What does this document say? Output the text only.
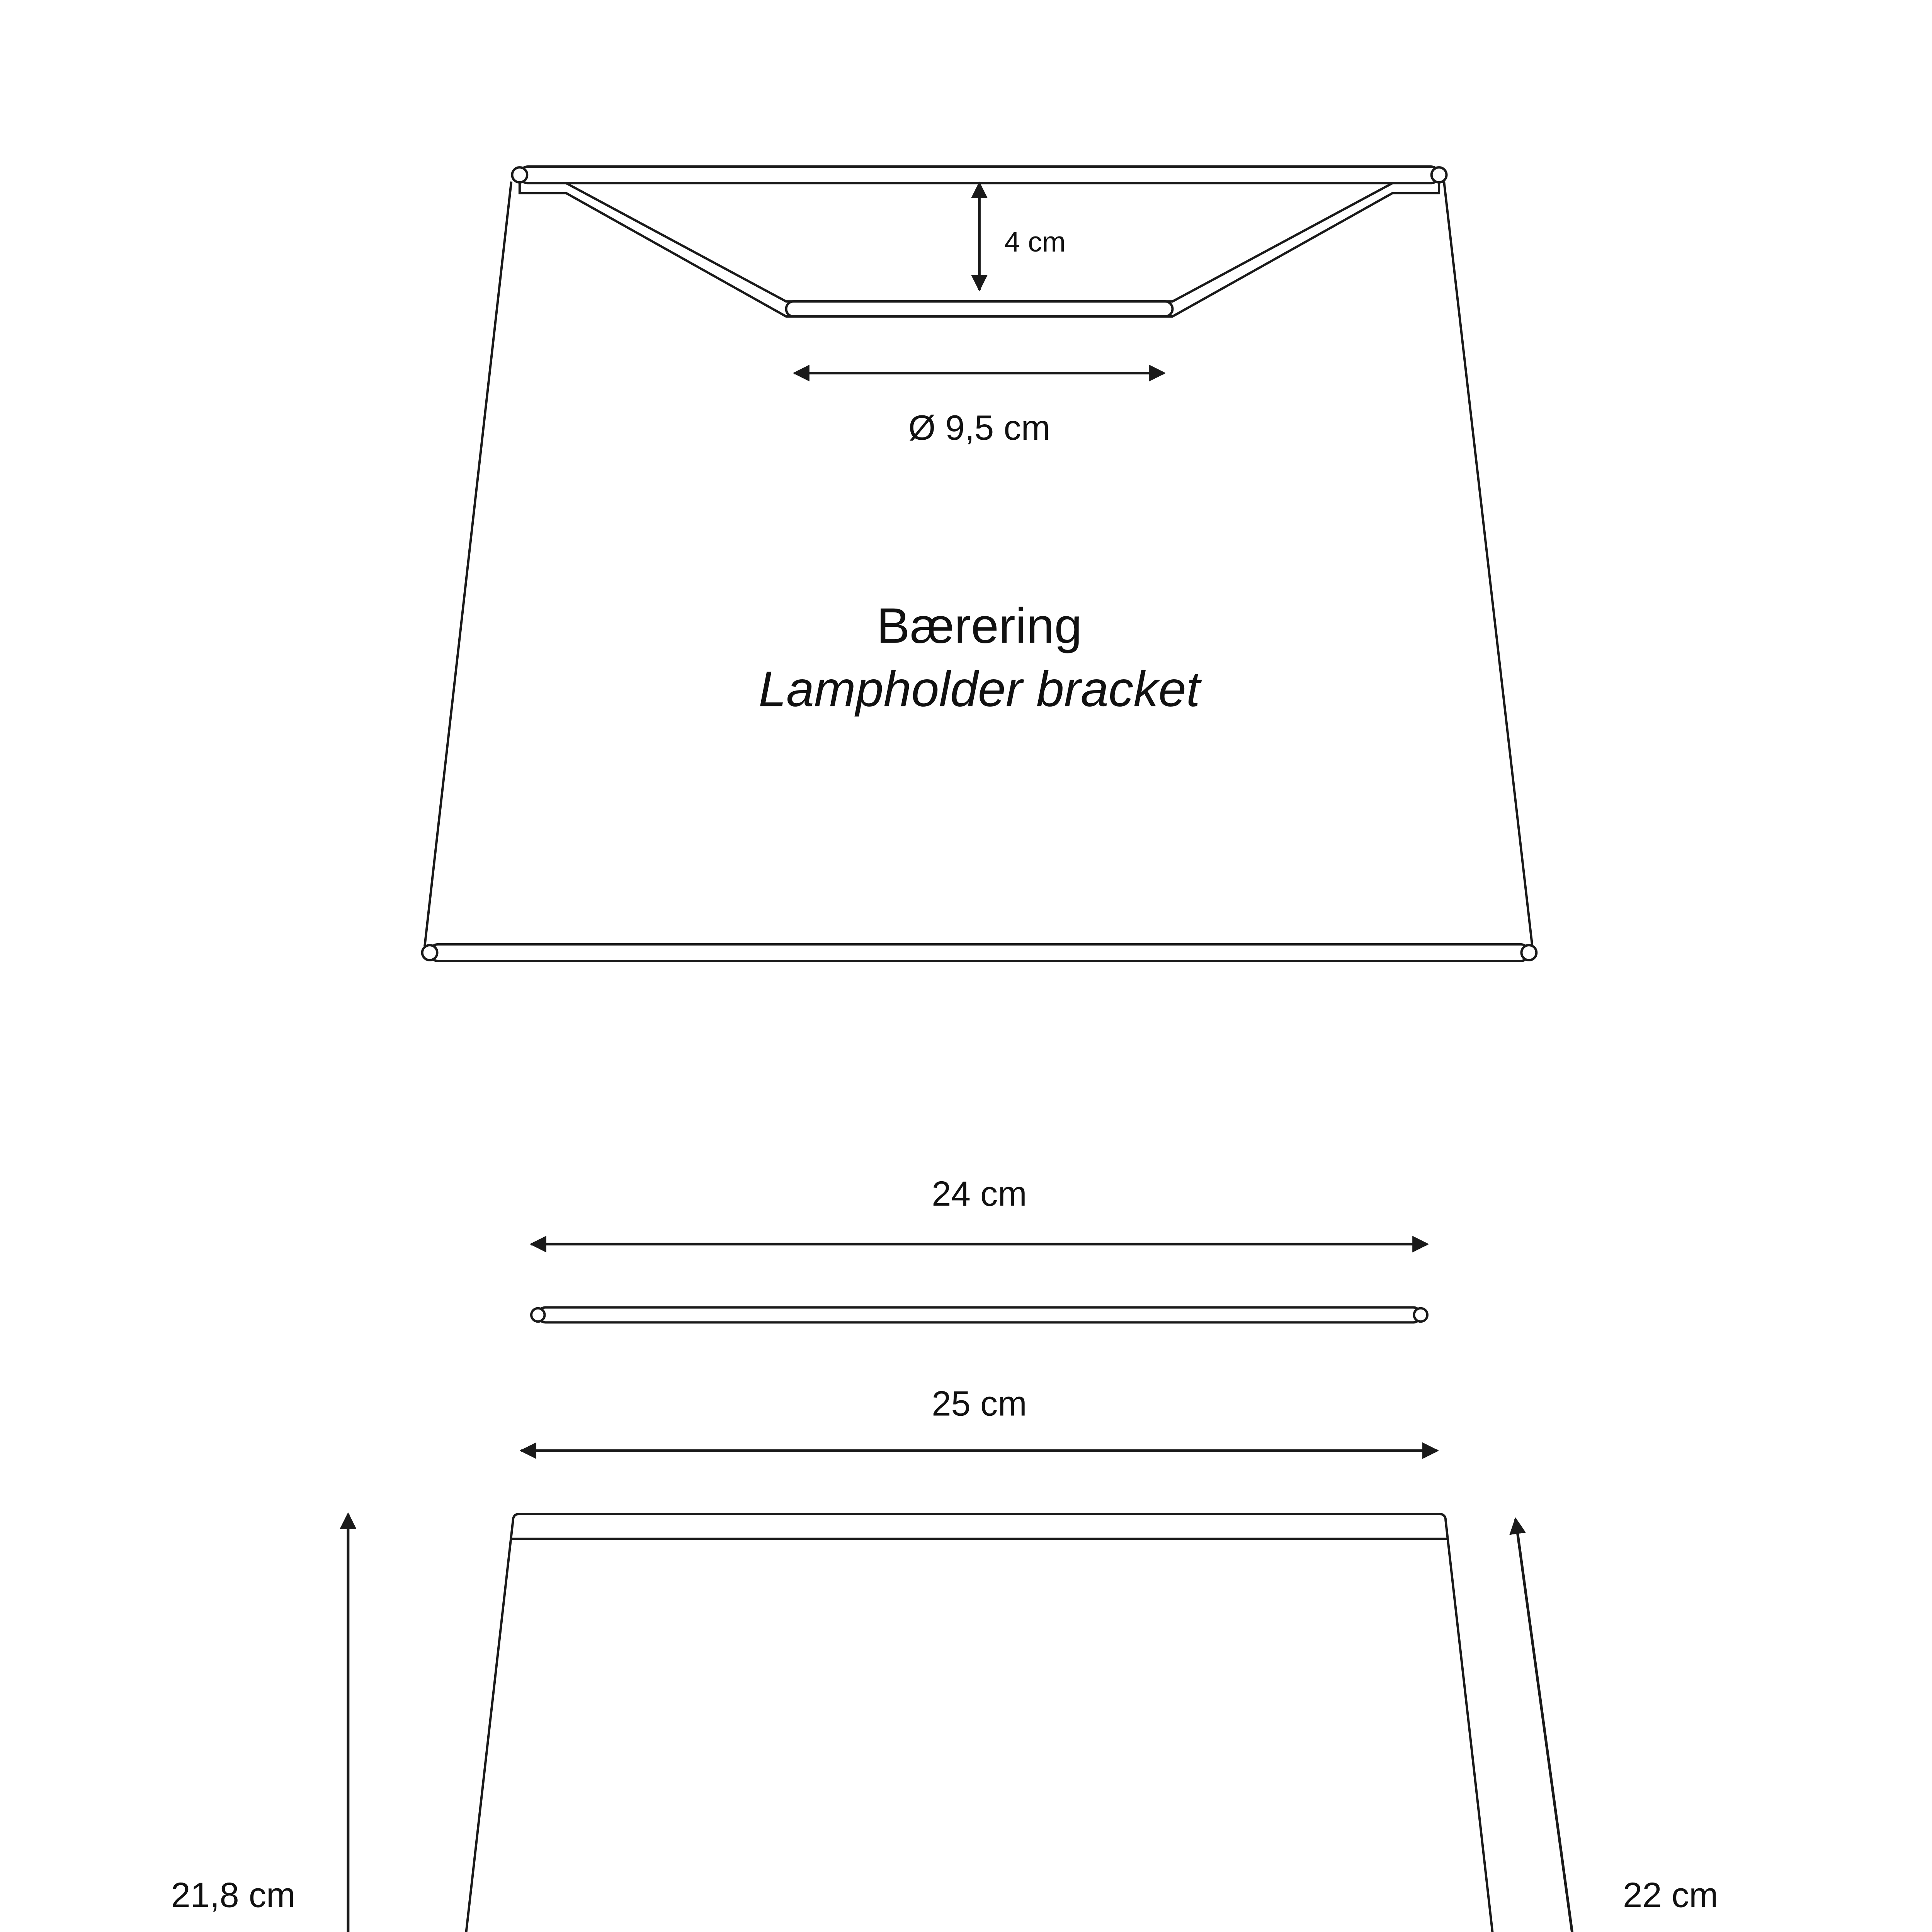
4 cm
Ø 9,5 cm
Bærering
Lampholder bracket
24 cm
25 cm
21,8 cm	22 cm
